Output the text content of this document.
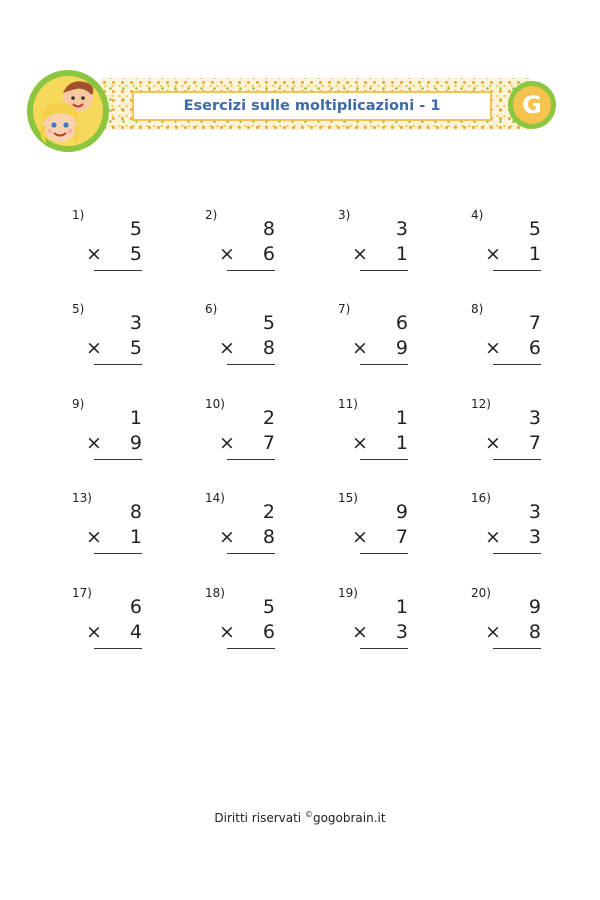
Esercizi sulle moltiplicazioni - 1	G
1)
5
× 5
2)
8
× 6
3)
3
× 1
4)
5
× 1
5)
3
× 5
6)
5
× 8
7)
6
× 9
8)
7
× 6
9)
1
× 9
10)
2
× 7
11)
1
× 1
12)
3
× 7
13)
8
× 1
14)
2
× 8
15)
9
× 7
16)
3
× 3
17)
6
× 4
18)
5
× 6
19)
1
× 3
20)
9
× 8
Diritti riservati ©gogobrain.it
